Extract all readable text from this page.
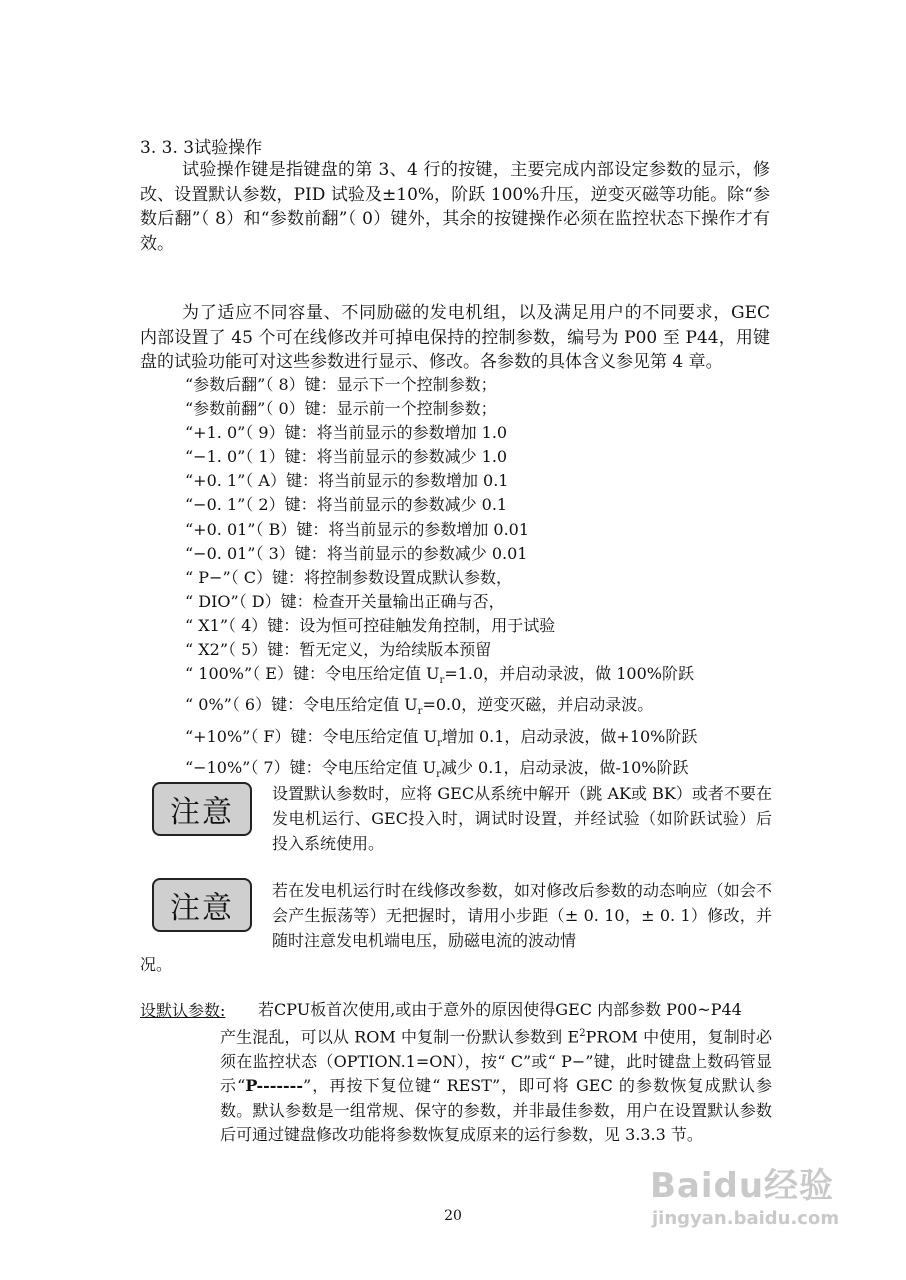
3. 3. 3试验操作

试验操作键是指键盘的第 3、4 行的按键，主要完成内部设定参数的显示，修改、设置默认参数，PID 试验及±10%，阶跃 100%升压，逆变灭磁等功能。除“参数后翻”（ 8）和“参数前翻”（ 0）键外，其余的按键操作必须在监控状态下操作才有效。

为了适应不同容量、不同励磁的发电机组，以及满足用户的不同要求，GEC 内部设置了 45 个可在线修改并可掉电保持的控制参数，编号为 P00 至 P44，用键盘的试验功能可对这些参数进行显示、修改。各参数的具体含义参见第 4 章。

“参数后翻”（ 8）键：显示下一个控制参数；
“参数前翻”（ 0）键：显示前一个控制参数；
“+1. 0”（ 9）键：将当前显示的参数增加 1.0
“−1. 0”（ 1）键：将当前显示的参数减少 1.0
“+0. 1”（ A）键：将当前显示的参数增加 0.1
“−0. 1”（ 2）键：将当前显示的参数减少 0.1
“+0. 01”（ B）键：将当前显示的参数增加 0.01
“−0. 01”（ 3）键：将当前显示的参数减少 0.01
“ P−”（ C）键：将控制参数设置成默认参数，
“ DIO”（ D）键：检查开关量输出正确与否，
“ X1”（ 4）键：设为恒可控硅触发角控制，用于试验
“ X2”（ 5）键：暂无定义，为给续版本预留
“ 100%”（ E）键：令电压给定值 $U_r=1.0$，并启动录波，做 100%阶跃
“ 0%”（ 6）键：令电压给定值 $U_r=0.0$，逆变灭磁，并启动录波。
“+10%”（ F）键：令电压给定值 $U_r$增加 0.1，启动录波，做+10%阶跃
“−10%”（ 7）键：令电压给定值 $U_r$减少 0.1，启动录波，做-10%阶跃
注意

设置默认参数时，应将 GEC从系统中解开（跳 AK或 BK）或者不要在发电机运行、GEC投入时，调试时设置，并经试验（如阶跃试验）后投入系统使用。

注意

若在发电机运行时在线修改参数，如对修改后参数的动态响应（如会不会产生振荡等）无把握时，请用小步距（± 0. 10，± 0. 1）修改，并随时注意发电机端电压，励磁电流的波动情

况。

设默认参数: 若CPU板首次使用,或由于意外的原因使得GEC 内部参数 P00~P44

产生混乱，可以从 ROM 中复制一份默认参数到 $E^2PROM$ 中使用，复制时必须在监控状态（OPTION.1=ON），按“ C”或“ P−”键，此时键盘上数码管显示“P-------”，再按下复位键“ REST”，即可将 GEC 的参数恢复成默认参数。默认参数是一组常规、保守的参数，并非最佳参数，用户在设置默认参数后可通过键盘修改功能将参数恢复成原来的运行参数，见 3.3.3 节。

20
Baidu经验
jingyan.baidu.com
